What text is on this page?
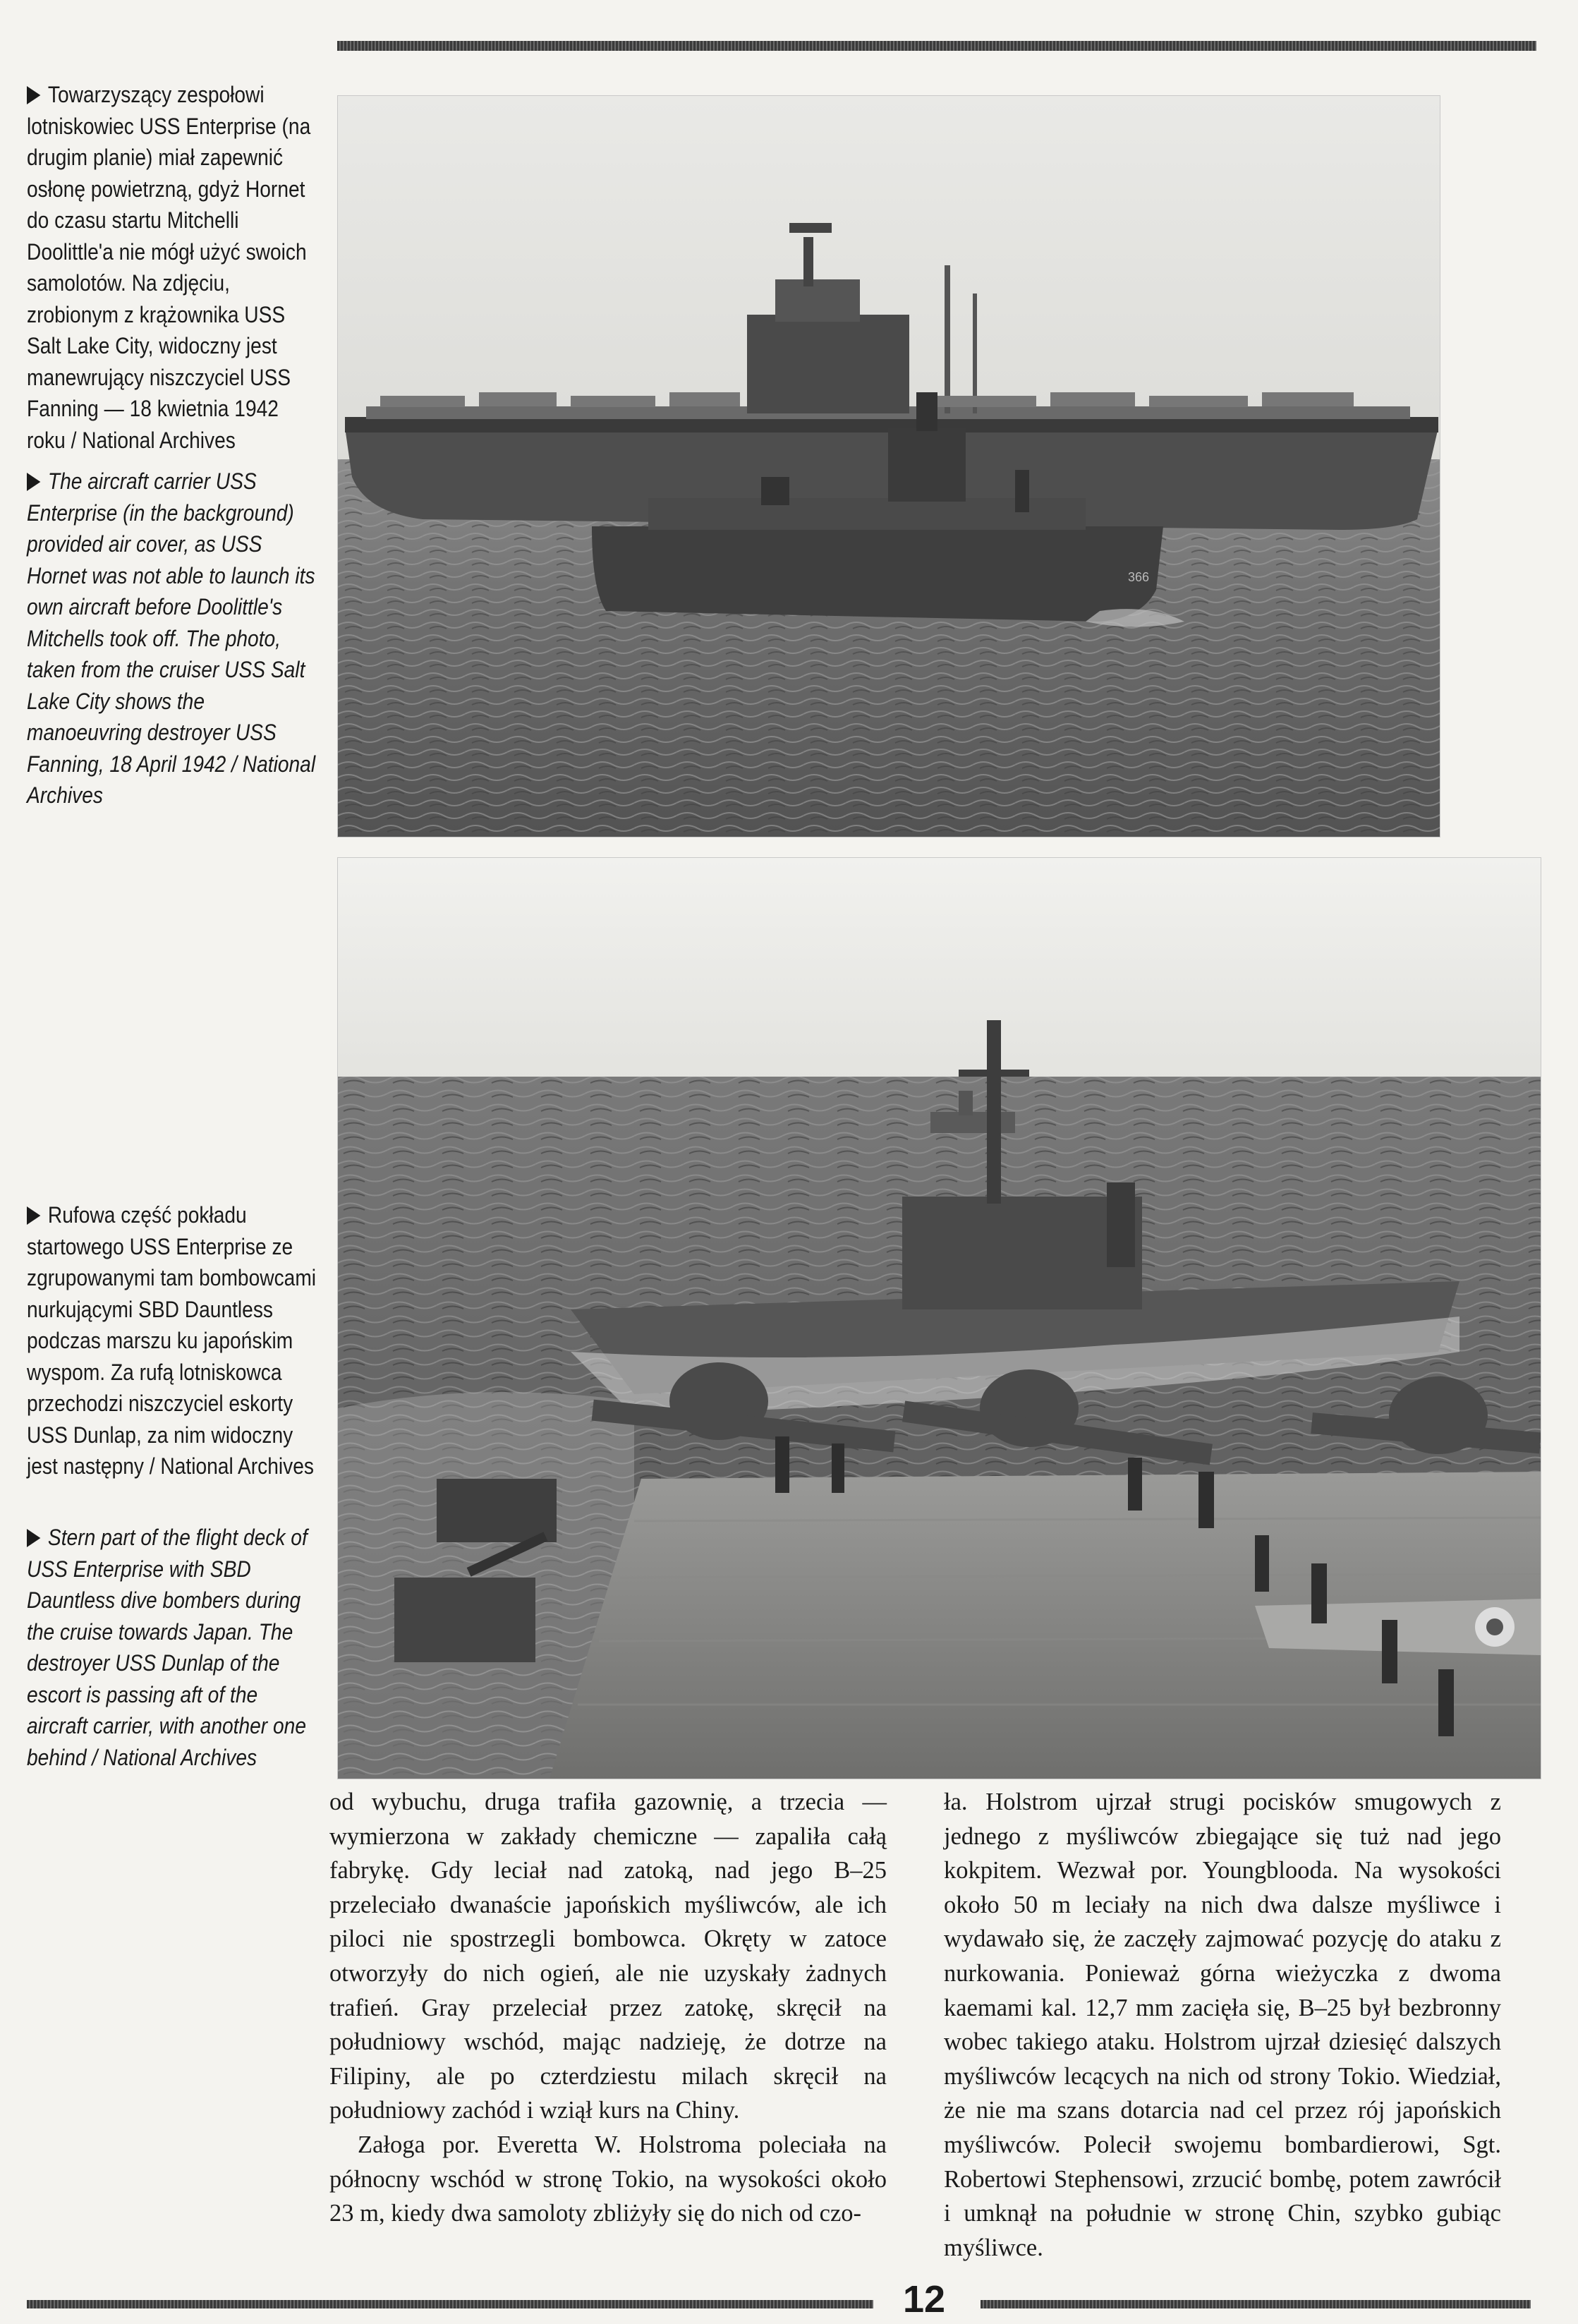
Towarzyszący zespołowi lotniskowiec USS Enterprise (na drugim planie) miał zapewnić osłonę powietrzną, gdyż Hornet do czasu startu Mitchelli Doolittle'a nie mógł użyć swoich samolotów. Na zdjęciu, zrobionym z krążownika USS Salt Lake City, widoczny jest manewrujący niszczyciel USS Fanning — 18 kwietnia 1942 roku / National Archives

The aircraft carrier USS Enterprise (in the background) provided air cover, as USS Hornet was not able to launch its own aircraft before Doolittle's Mitchells took off. The photo, taken from the cruiser USS Salt Lake City shows the manoeuvring destroyer USS Fanning, 18 April 1942 / National Archives

Rufowa część pokładu startowego USS Enterprise ze zgrupowanymi tam bombowcami nurkującymi SBD Dauntless podczas marszu ku japońskim wyspom. Za rufą lotniskowca przechodzi niszczyciel eskorty USS Dunlap, za nim widoczny jest następny / National Archives

Stern part of the flight deck of USS Enterprise with SBD Dauntless dive bombers during the cruise towards Japan. The destroyer USS Dunlap of the escort is passing aft of the aircraft carrier, with another one behind / National Archives

366

od wybuchu, druga trafiła gazownię, a trzecia — wymierzona w zakłady chemiczne — zapaliła całą fabrykę. Gdy leciał nad zatoką, nad jego B–25 przeleciało dwanaście japońskich myśliwców, ale ich piloci nie spostrzegli bombowca. Okręty w zatoce otworzyły do nich ogień, ale nie uzyskały żadnych trafień. Gray przeleciał przez zatokę, skręcił na południowy wschód, mając nadzieję, że dotrze na Filipiny, ale po czterdziestu milach skręcił na południowy zachód i wziął kurs na Chiny.

Załoga por. Everetta W. Holstroma poleciała na północny wschód w stronę Tokio, na wysokości około 23 m, kiedy dwa samoloty zbliżyły się do nich od czo-

ła. Holstrom ujrzał strugi pocisków smugowych z jednego z myśliwców zbiegające się tuż nad jego kokpitem. Wezwał por. Youngblooda. Na wysokości około 50 m leciały na nich dwa dalsze myśliwce i wydawało się, że zaczęły zajmować pozycję do ataku z nurkowania. Ponieważ górna wieżyczka z dwoma kaemami kal. 12,7 mm zacięła się, B–25 był bezbronny wobec takiego ataku. Holstrom ujrzał dziesięć dalszych myśliwców lecących na nich od strony Tokio. Wiedział, że nie ma szans dotarcia nad cel przez rój japońskich myśliwców. Polecił swojemu bombardierowi, Sgt. Robertowi Stephensowi, zrzucić bombę, potem zawrócił i umknął na południe w stronę Chin, szybko gubiąc myśliwce.

12
